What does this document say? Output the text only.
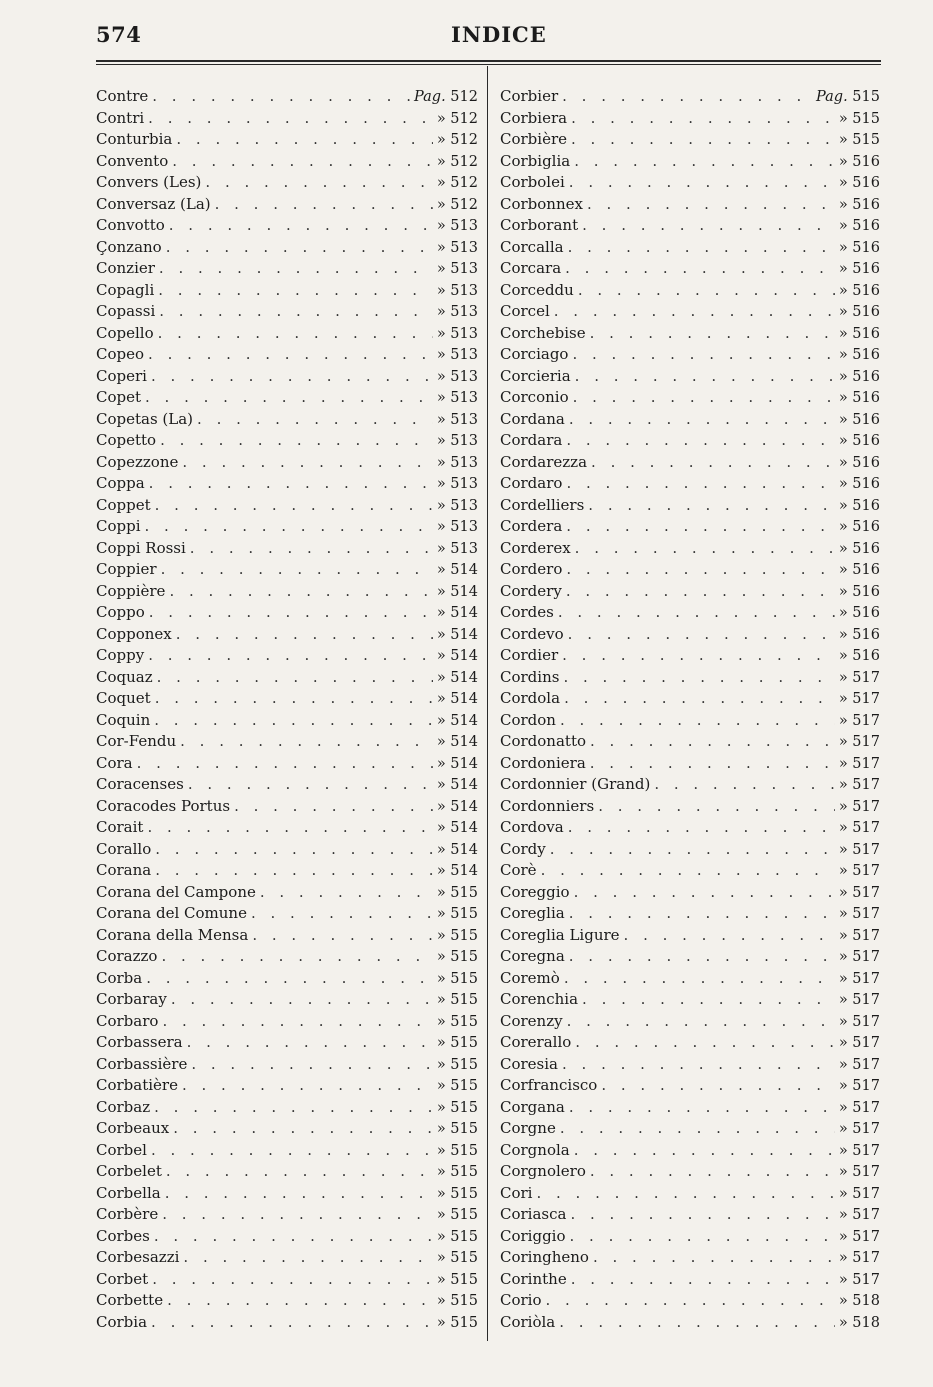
574	INDICE
Contre . . .	Pag. 512
Contri . . .	» 512
Conturbia . . .	» 512
Convento . . .	» 512
Convers (Les) . . .	» 512
Conversaz (La) . . .	» 512
Convotto . . .	» 513
Çonzano . . .	» 513
Conzier . . .	» 513
Copagli . . .	» 513
Copassi . . .	» 513
Copello . . .	» 513
Copeo . . .	» 513
Coperi . . .	» 513
Copet . . .	» 513
Copetas (La) . . .	» 513
Copetto . . .	» 513
Copezzone . . .	» 513
Coppa . . .	» 513
Coppet . . .	» 513
Coppi . . .	» 513
Coppi Rossi . . .	» 513
Coppier . . .	» 514
Coppière . . .	» 514
Coppo . . .	» 514
Copponex . . .	» 514
Coppy . . .	» 514
Coquaz . . .	» 514
Coquet . . .	» 514
Coquin . . .	» 514
Cor-Fendu . . .	» 514
Cora . . .	» 514
Coracenses . . .	» 514
Coracodes Portus . . .	» 514
Corait . . .	» 514
Corallo . . .	» 514
Corana . . .	» 514
Corana del Campone . . .	» 515
Corana del Comune . . .	» 515
Corana della Mensa . . .	» 515
Corazzo . . .	» 515
Corba . . .	» 515
Corbaray . . .	» 515
Corbaro . . .	» 515
Corbassera . . .	» 515
Corbassière . . .	» 515
Corbatière . . .	» 515
Corbaz . . .	» 515
Corbeaux . . .	» 515
Corbel . . .	» 515
Corbelet . . .	» 515
Corbella . . .	» 515
Corbère . . .	» 515
Corbes . . .	» 515
Corbesazzi . . .	» 515
Corbet . . .	» 515
Corbette . . .	» 515
Corbia . . .	» 515
Corbier . . .	Pag. 515
Corbiera . . .	» 515
Corbière . . .	» 515
Corbiglia . . .	» 516
Corbolei . . .	» 516
Corbonnex . . .	» 516
Corborant . . .	» 516
Corcalla . . .	» 516
Corcara . . .	» 516
Corceddu . . .	» 516
Corcel . . .	» 516
Corchebise . . .	» 516
Corciago . . .	» 516
Corcieria . . .	» 516
Corconio . . .	» 516
Cordana . . .	» 516
Cordara . . .	» 516
Cordarezza . . .	» 516
Cordaro . . .	» 516
Cordelliers . . .	» 516
Cordera . . .	» 516
Corderex . . .	» 516
Cordero . . .	» 516
Cordery . . .	» 516
Cordes . . .	» 516
Cordevo . . .	» 516
Cordier . . .	» 516
Cordins . . .	» 517
Cordola . . .	» 517
Cordon . . .	» 517
Cordonatto . . .	» 517
Cordoniera . . .	» 517
Cordonnier (Grand) . . .	» 517
Cordonniers . . .	» 517
Cordova . . .	» 517
Cordy . . .	» 517
Corè . . .	» 517
Coreggio . . .	» 517
Coreglia . . .	» 517
Coreglia Ligure . . .	» 517
Coregna . . .	» 517
Coremò . . .	» 517
Corenchia . . .	» 517
Corenzy . . .	» 517
Corerallo . . .	» 517
Coresia . . .	» 517
Corfrancisco . . .	» 517
Corgana . . .	» 517
Corgne . . .	» 517
Corgnola . . .	» 517
Corgnolero . . .	» 517
Cori . . .	» 517
Coriasca . . .	» 517
Coriggio . . .	» 517
Coringheno . . .	» 517
Corinthe . . .	» 517
Corio . . .	» 518
Coriòla . . .	» 518
